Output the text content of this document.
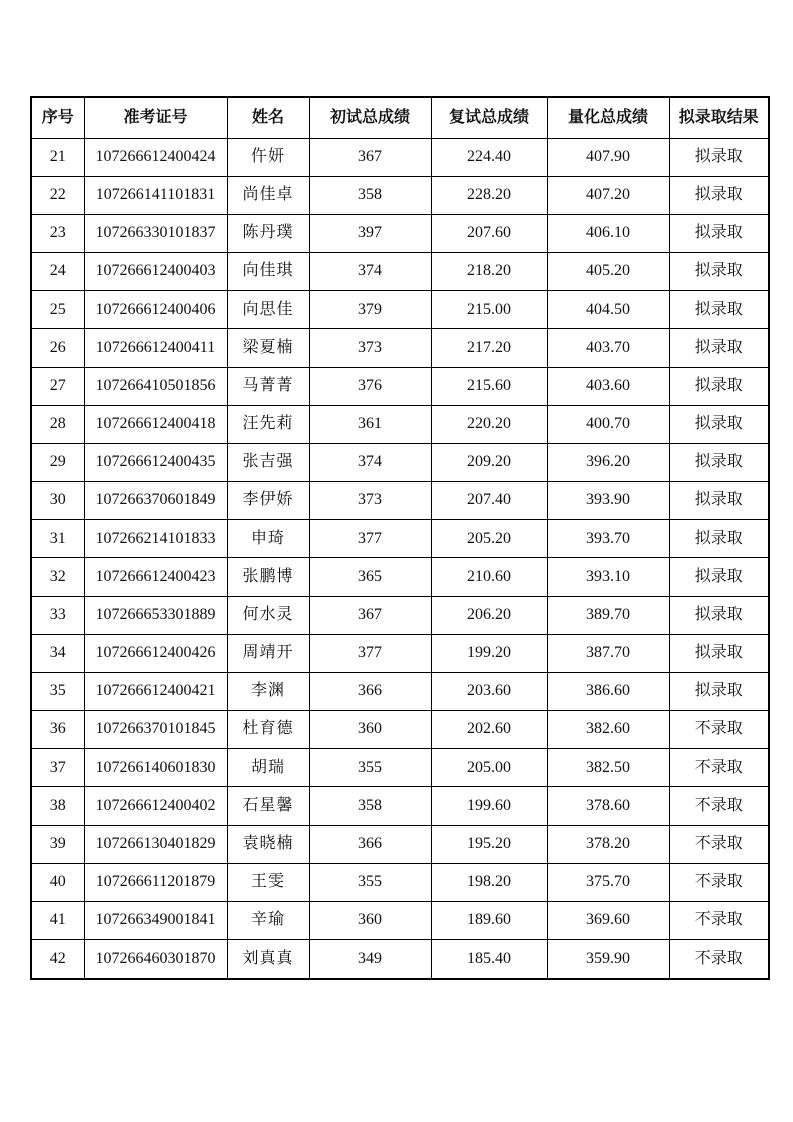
序号	准考证号	姓名	初试总成绩	复试总成绩	量化总成绩	拟录取结果
21	107266612400424	仵妍	367	224.40	407.90	拟录取
22	107266141101831	尚佳卓	358	228.20	407.20	拟录取
23	107266330101837	陈丹璞	397	207.60	406.10	拟录取
24	107266612400403	向佳琪	374	218.20	405.20	拟录取
25	107266612400406	向思佳	379	215.00	404.50	拟录取
26	107266612400411	梁夏楠	373	217.20	403.70	拟录取
27	107266410501856	马菁菁	376	215.60	403.60	拟录取
28	107266612400418	汪先莉	361	220.20	400.70	拟录取
29	107266612400435	张吉强	374	209.20	396.20	拟录取
30	107266370601849	李伊娇	373	207.40	393.90	拟录取
31	107266214101833	申琦	377	205.20	393.70	拟录取
32	107266612400423	张鹏博	365	210.60	393.10	拟录取
33	107266653301889	何水灵	367	206.20	389.70	拟录取
34	107266612400426	周靖开	377	199.20	387.70	拟录取
35	107266612400421	李渊	366	203.60	386.60	拟录取
36	107266370101845	杜育德	360	202.60	382.60	不录取
37	107266140601830	胡瑞	355	205.00	382.50	不录取
38	107266612400402	石星馨	358	199.60	378.60	不录取
39	107266130401829	袁晓楠	366	195.20	378.20	不录取
40	107266611201879	王雯	355	198.20	375.70	不录取
41	107266349001841	辛瑜	360	189.60	369.60	不录取
42	107266460301870	刘真真	349	185.40	359.90	不录取
